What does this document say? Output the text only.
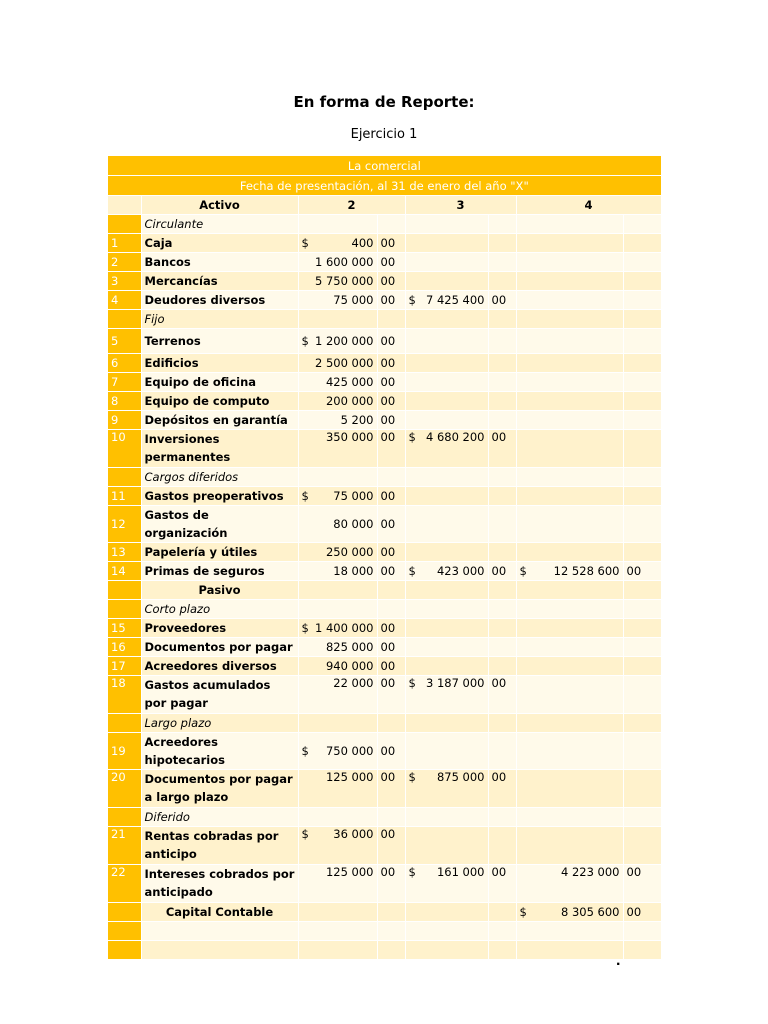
En forma de Reporte:
Ejercicio 1
La comercial							
Fecha de presentación, al 31 de enero del año "X"							
	Activo	2		3		4	
	Circulante						
1	Caja	$ 400	00				
2	Bancos	1 600 000	00				
3	Mercancías	5 750 000	00				
4	Deudores diversos	75 000	00	$ 7 425 400	00		
	Fijo						
5	Terrenos	$ 1 200 000	00				
6	Edificios	2 500 000	00				
7	Equipo de oficina	425 000	00				
8	Equipo de computo	200 000	00				
9	Depósitos en garantía	5 200	00				
10	Inversiones permanentes	350 000	00	$ 4 680 200	00		
	Cargos diferidos						
11	Gastos preoperativos	$ 75 000	00				
12	Gastos de organización	80 000	00				
13	Papelería y útiles	250 000	00				
14	Primas de seguros	18 000	00	$ 423 000	00	$ 12 528 600	00
	Pasivo						
	Corto plazo						
15	Proveedores	$ 1 400 000	00				
16	Documentos por pagar	825 000	00				
17	Acreedores diversos	940 000	00				
18	Gastos acumulados por pagar	22 000	00	$ 3 187 000	00		
	Largo plazo						
19	Acreedores hipotecarios	$ 750 000	00				
20	Documentos por pagar a largo plazo	125 000	00	$ 875 000	00		
	Diferido						
21	Rentas cobradas por anticipo	$ 36 000	00				
22	Intereses cobrados por anticipado	125 000	00	$ 161 000	00	4 223 000	00
	Capital Contable					$ 8 305 600	00

.
